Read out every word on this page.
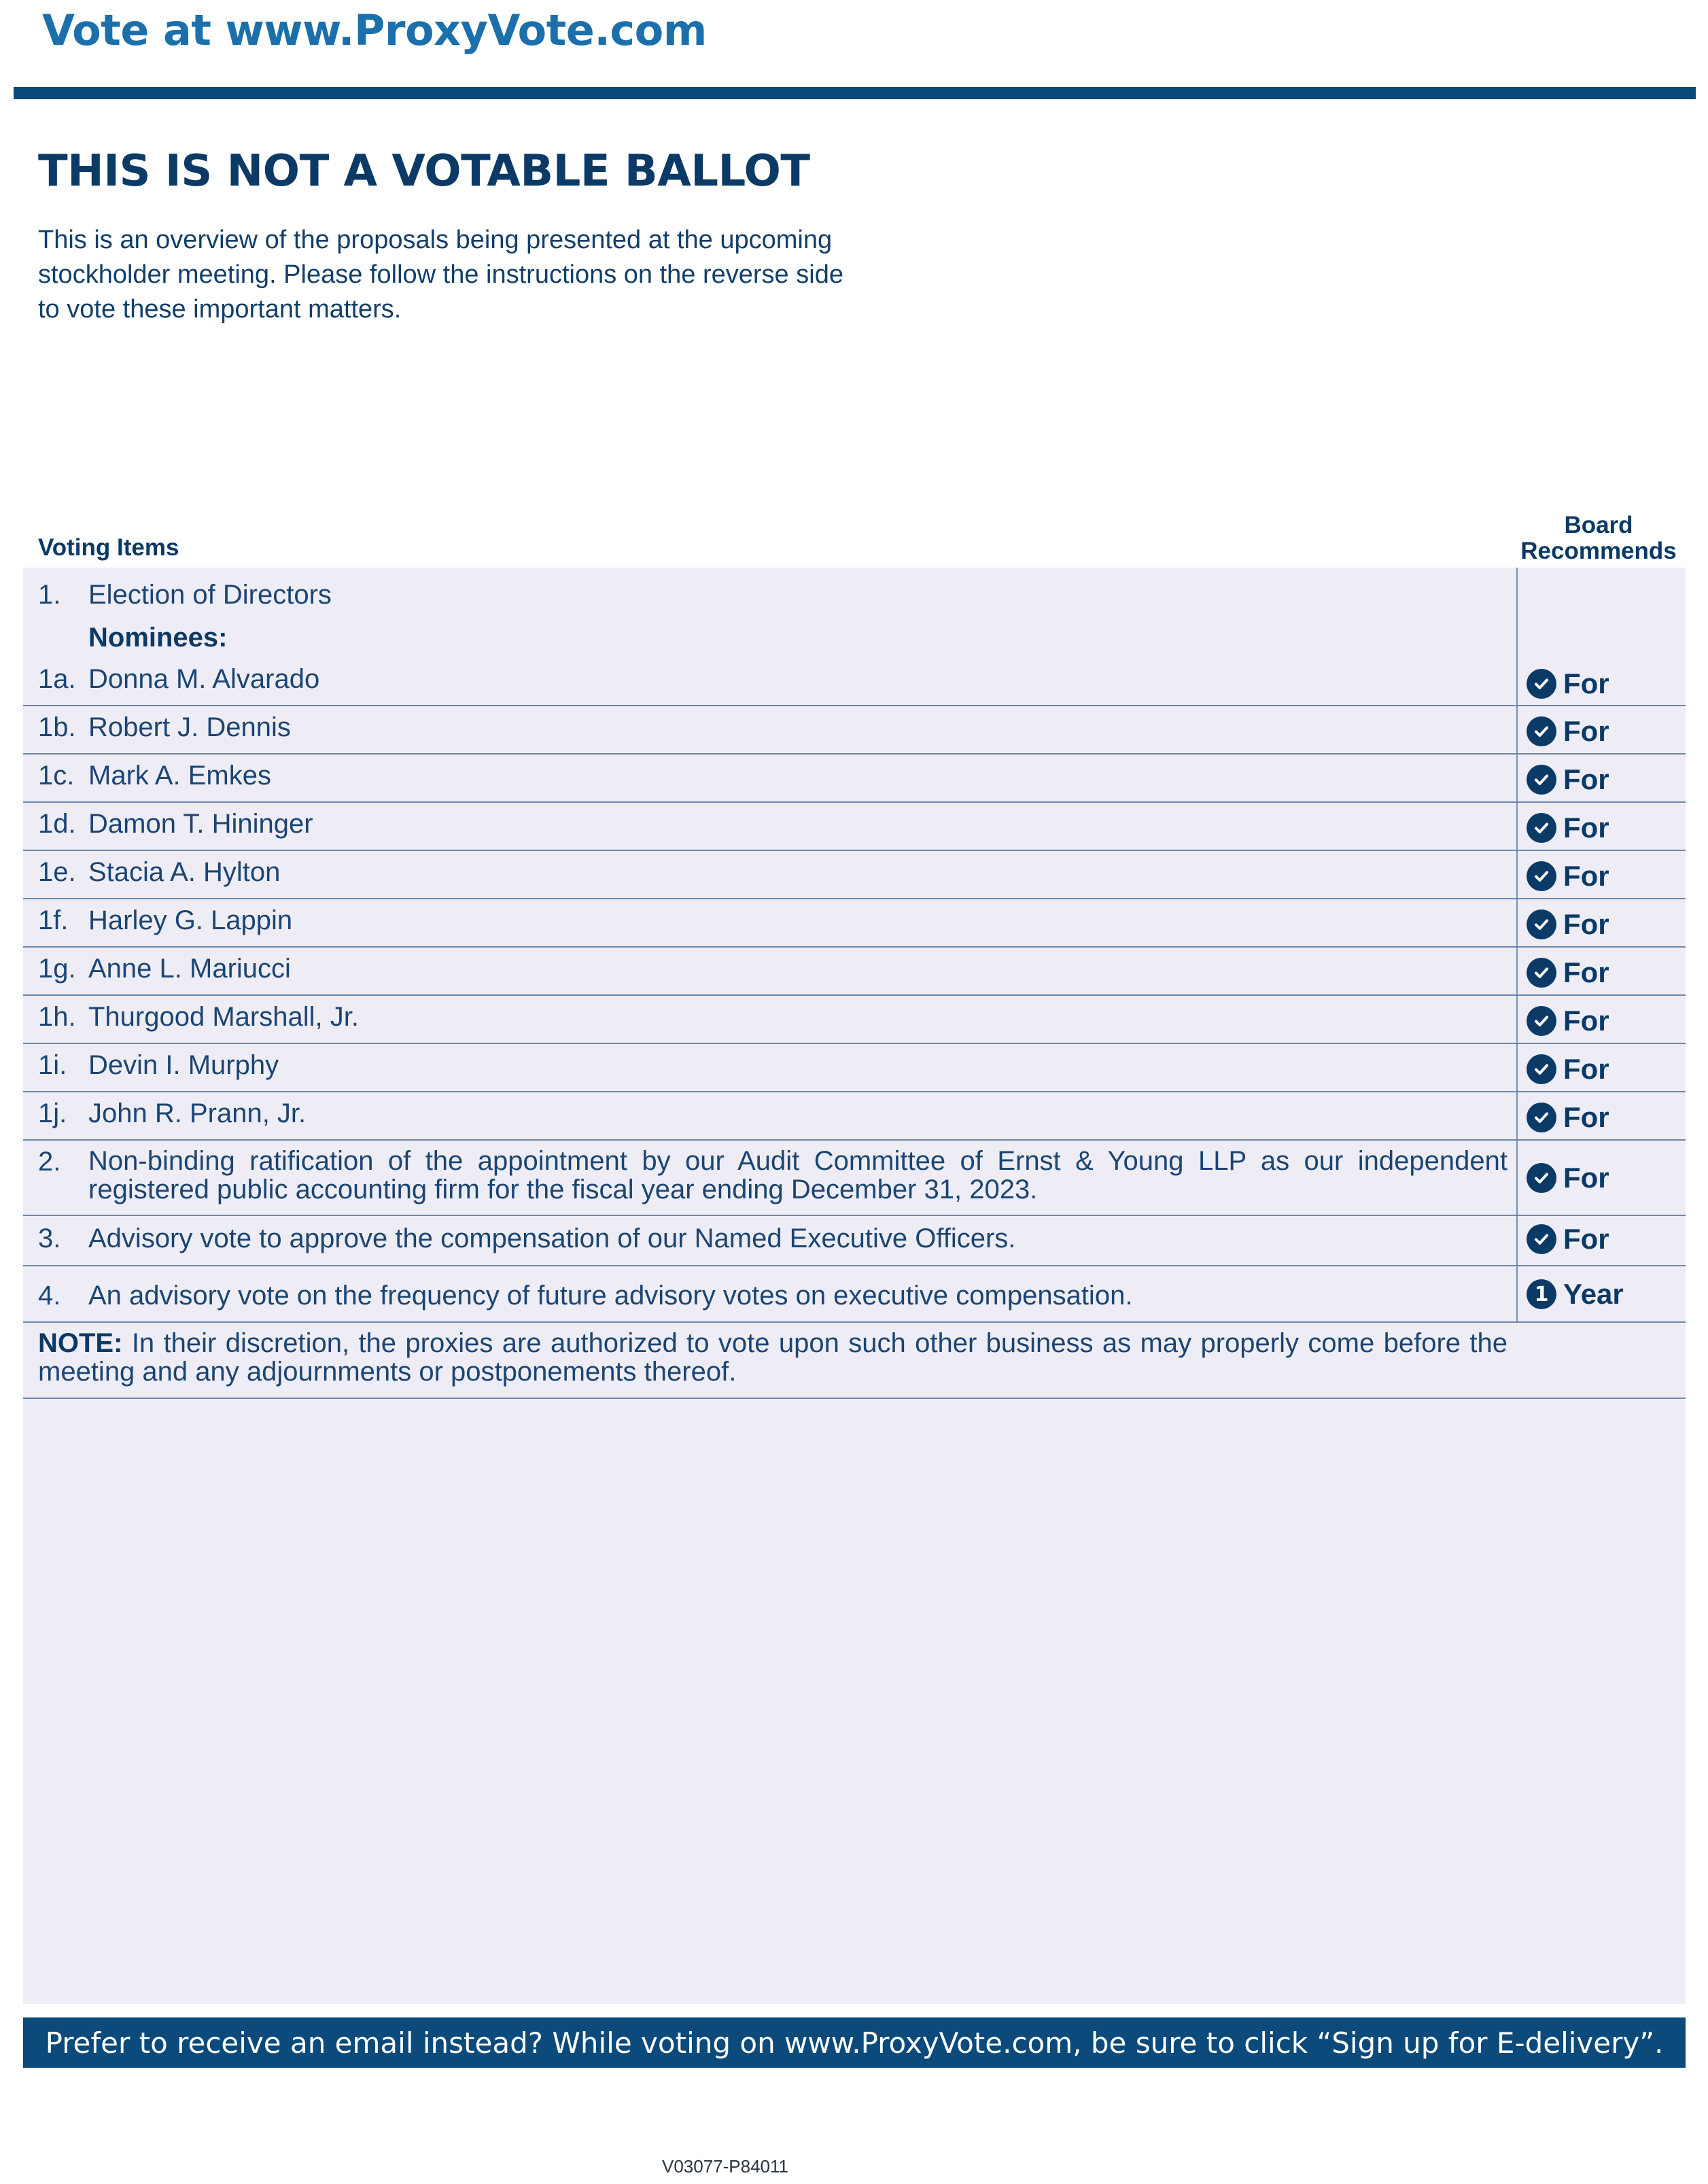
Vote at www.ProxyVote.com
THIS IS NOT A VOTABLE BALLOT

This is an overview of the proposals being presented at the upcoming stockholder meeting. Please follow the instructions on the reverse side to vote these important matters.

Voting Items
Board Recommends
1. Election of Directors
Nominees:
1a. Donna M. Alvarado	For
1b. Robert J. Dennis	For
1c. Mark A. Emkes	For
1d. Damon T. Hininger	For
1e. Stacia A. Hylton	For
1f. Harley G. Lappin	For
1g. Anne L. Mariucci	For
1h. Thurgood Marshall, Jr.	For
1i. Devin I. Murphy	For
1j. John R. Prann, Jr.	For
2. Non-binding ratification of the appointment by our Audit Committee of Ernst & Young LLP as our independent registered public accounting firm for the fiscal year ending December 31, 2023.	For
3. Advisory vote to approve the compensation of our Named Executive Officers.	For
4. An advisory vote on the frequency of future advisory votes on executive compensation.	1 Year

NOTE: In their discretion, the proxies are authorized to vote upon such other business as may properly come before the meeting and any adjournments or postponements thereof.

Prefer to receive an email instead? While voting on www.ProxyVote.com, be sure to click “Sign up for E-delivery”.
V03077-P84011
